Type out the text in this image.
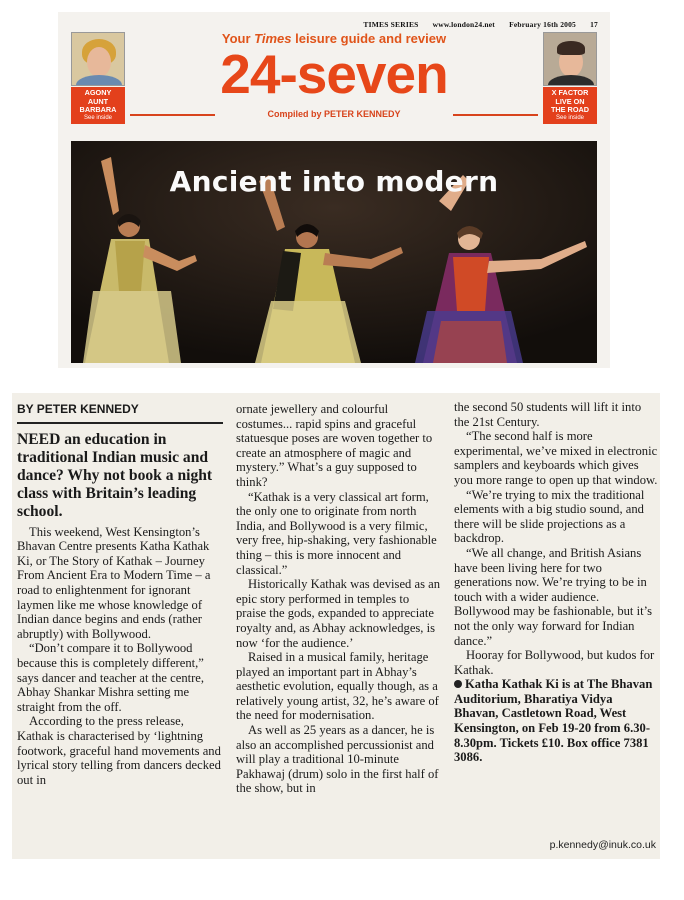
TIMES SERIES www.london24.net February 16th 2005 17
Your Times leisure guide and review
24-seven
Compiled by PETER KENNEDY
AGONY
AUNT
BARBARA
See inside
X FACTOR
LIVE ON
THE ROAD
See inside
Ancient into modern

BY PETER KENNEDY

NEED an education in traditional Indian music and dance? Why not book a night class with Britain’s leading school.

This weekend, West Kensington’s Bhavan Centre presents Katha Kathak Ki, or The Story of Kathak – Journey From Ancient Era to Modern Time – a road to enlightenment for ignorant laymen like me whose knowledge of Indian dance begins and ends (rather abruptly) with Bollywood.

“Don’t compare it to Bollywood because this is completely different,” says dancer and teacher at the centre, Abhay Shankar Mishra setting me straight from the off.

According to the press release, Kathak is characterised by ‘lightning footwork, graceful hand movements and lyrical story telling from dancers decked out in

ornate jewellery and colourful costumes... rapid spins and graceful statuesque poses are woven together to create an atmosphere of magic and mystery.” What’s a guy supposed to think?

“Kathak is a very classical art form, the only one to originate from north India, and Bollywood is a very filmic, very free, hip-shaking, very fashionable thing – this is more innocent and classical.”

Historically Kathak was devised as an epic story performed in temples to praise the gods, expanded to appreciate royalty and, as Abhay acknowledges, is now ‘for the audience.’

Raised in a musical family, heritage played an important part in Abhay’s aesthetic evolution, equally though, as a relatively young artist, 32, he’s aware of the need for modernisation.

As well as 25 years as a dancer, he is also an accomplished percussionist and will play a traditional 10-minute Pakhawaj (drum) solo in the first half of the show, but in

the second 50 students will lift it into the 21st Century.

“The second half is more experimental, we’ve mixed in electronic samplers and keyboards which gives you more range to open up that window.

“We’re trying to mix the traditional elements with a big studio sound, and there will be slide projections as a backdrop.

“We all change, and British Asians have been living here for two generations now. We’re trying to be in touch with a wider audience. Bollywood may be fashionable, but it’s not the only way forward for Indian dance.”

Hooray for Bollywood, but kudos for Kathak.

Katha Kathak Ki is at The Bhavan Auditorium, Bharatiya Vidya Bhavan, Castletown Road, West Kensington, on Feb 19-20 from 6.30-8.30pm. Tickets £10. Box office 7381 3086.

p.kennedy@inuk.co.uk
